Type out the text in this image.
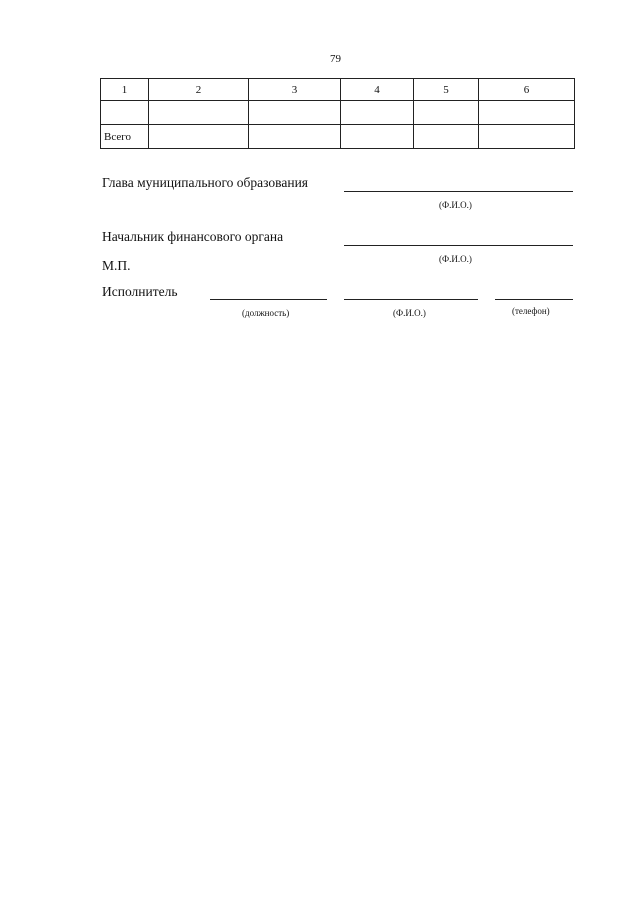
79
1	2	3	4	5	6

Всего					
Глава муниципального образования
(Ф.И.О.)
Начальник финансового органа
(Ф.И.О.)
М.П.
Исполнитель
(должность)	(Ф.И.О.)	(телефон)
